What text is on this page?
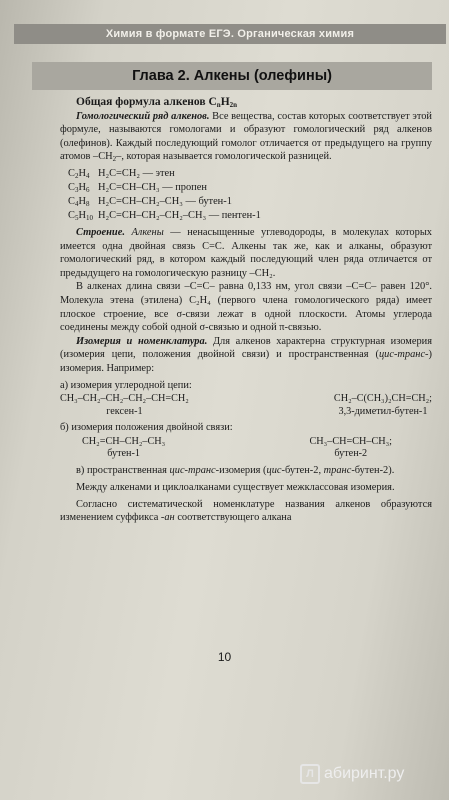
Химия в формате ЕГЭ. Органическая химия
Глава 2. Алкены (олефины)

Общая формула алкенов $C_nH_{2n}$

Гомологический ряд алкенов. Все вещества, состав которых соответствует этой формуле, называются гомологами и образуют гомологический ряд алкенов (олефинов). Каждый последующий гомолог отличается от предыдущего на группу атомов $-CH_2-$, которая называется гомологической разницей.

$C_2H_4$ H₂C=CH₂ — этен
$C_3H_6$ H₂C=CH–CH₃ — пропен
$C_4H_8$ H₂C=CH–CH₂–CH₃ — бутен-1
$C_5H_{10}$ H₂C=CH–CH₂–CH₂–CH₃ — пентен-1

Строение. Алкены — ненасыщенные углеводороды, в молекулах которых имеется одна двойная связь C=C. Алкены так же, как и алканы, образуют гомологический ряд, в котором каждый последующий член ряда отличается от предыдущего на гомологическую разницу –CH₂.

В алкенах длина связи –C=C– равна 0,133 нм, угол связи –C=C– равен 120°. Молекула этена (этилена) C₂H₄ (первого члена гомологического ряда) имеет плоское строение, все σ-связи лежат в одной плоскости. Атомы углерода соединены между собой одной σ-связью и одной π-связью.

Изомерия и номенклатура. Для алкенов характерна структурная изомерия (изомерия цепи, положения двойной связи) и пространственная (цис-транс-) изомерия. Например:

а) изомерия углеродной цепи:

CH₃–CH₂–CH₂–CH₂–CH=CH₂
гексен-1
CH₂–C(CH₃)₂CH=CH₂;
3,3-диметил-бутен-1

б) изомерия положения двойной связи:

CH₂=CH–CH₂–CH₃
бутен-1
CH₃–CH=CH–CH₃;
бутен-2

в) пространственная цис-транс-изомерия (цис-бутен-2, транс-бутен-2).

Между алкенами и циклоалканами существует межклассовая изомерия.

Согласно систематической номенклатуре названия алкенов образуются изменением суффикса -ан соответствующего алкана

10
Л абиринт.ру
